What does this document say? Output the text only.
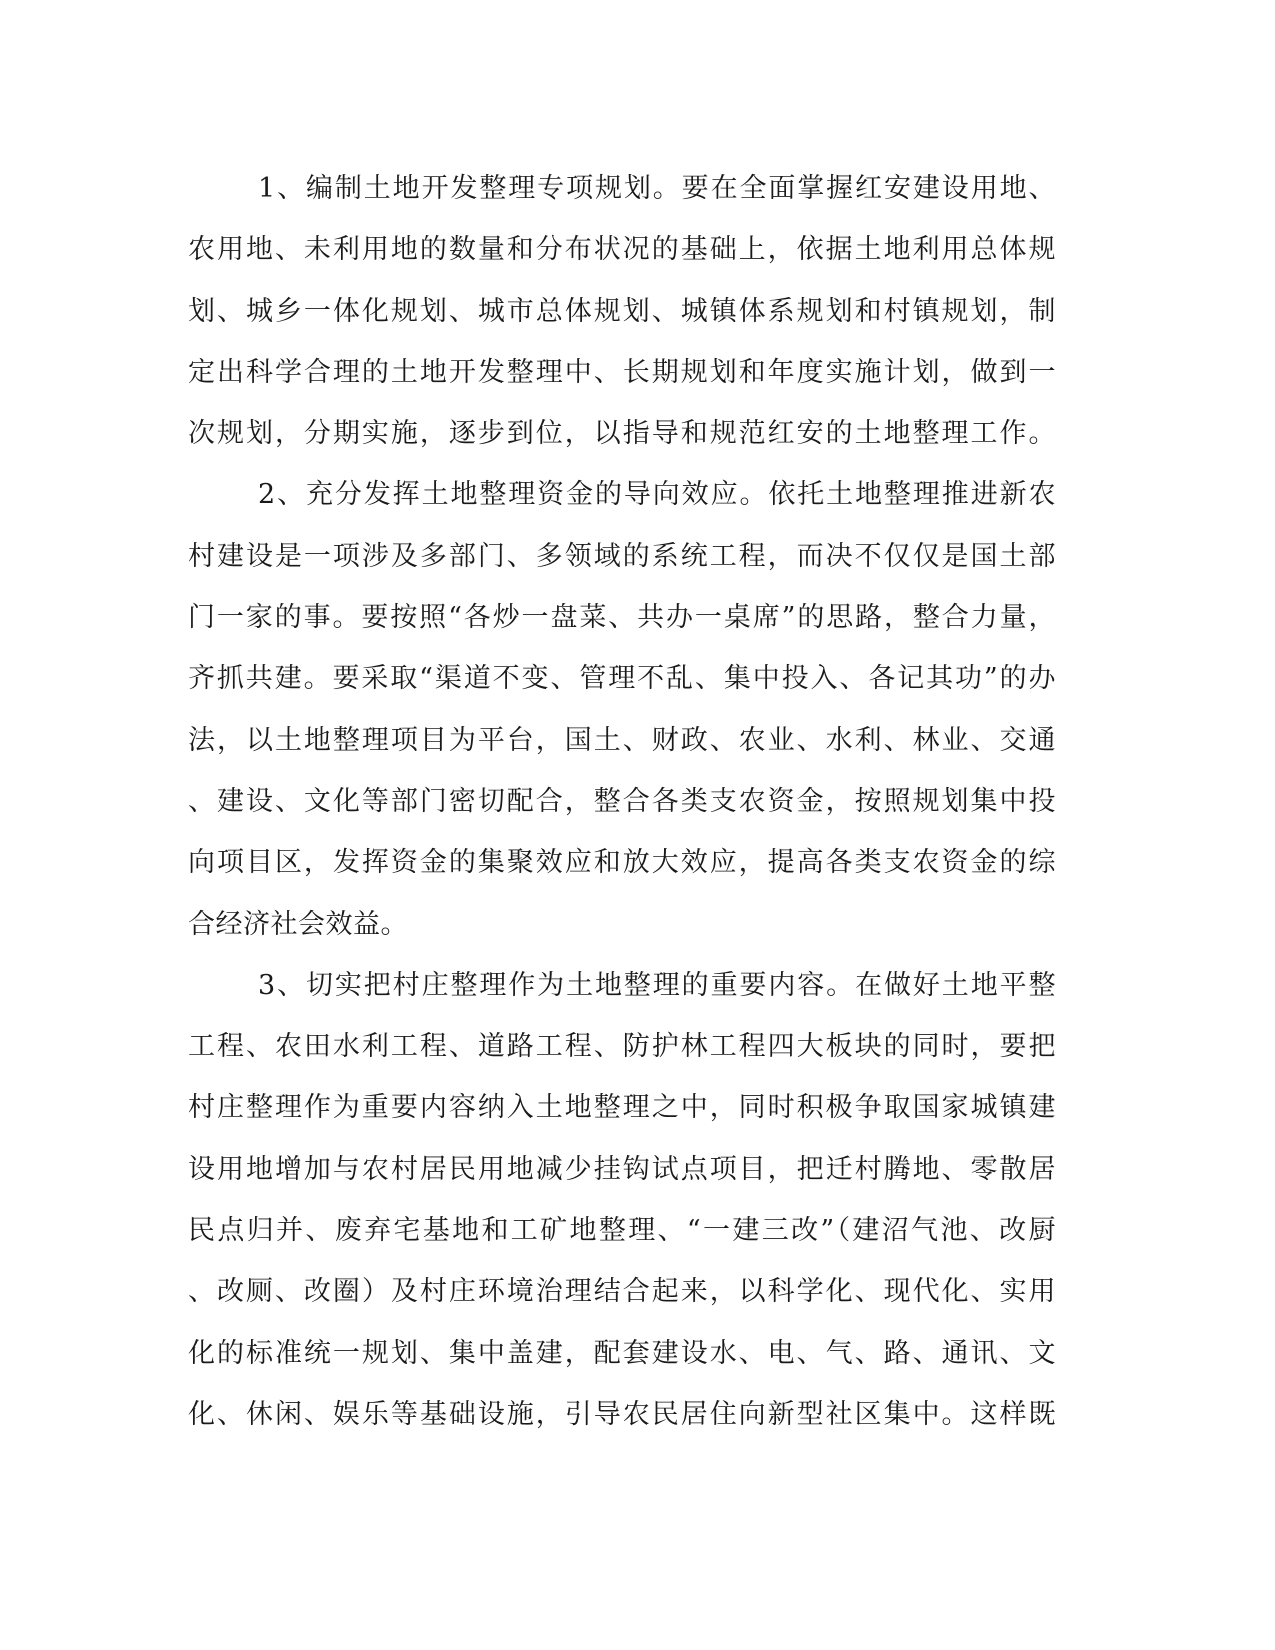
1、编制土地开发整理专项规划。要在全面掌握红安建设用地、
农用地、未利用地的数量和分布状况的基础上，依据土地利用总体规
划、城乡一体化规划、城市总体规划、城镇体系规划和村镇规划，制
定出科学合理的土地开发整理中、长期规划和年度实施计划，做到一
次规划，分期实施，逐步到位，以指导和规范红安的土地整理工作。
2、充分发挥土地整理资金的导向效应。依托土地整理推进新农
村建设是一项涉及多部门、多领域的系统工程，而决不仅仅是国土部
门一家的事。要按照“各炒一盘菜、共办一桌席”的思路，整合力量，
齐抓共建。要采取“渠道不变、管理不乱、集中投入、各记其功”的办
法，以土地整理项目为平台，国土、财政、农业、水利、林业、交通
、建设、文化等部门密切配合，整合各类支农资金，按照规划集中投
向项目区，发挥资金的集聚效应和放大效应，提高各类支农资金的综
合经济社会效益。
3、切实把村庄整理作为土地整理的重要内容。在做好土地平整
工程、农田水利工程、道路工程、防护林工程四大板块的同时，要把
村庄整理作为重要内容纳入土地整理之中，同时积极争取国家城镇建
设用地增加与农村居民用地减少挂钩试点项目，把迁村腾地、零散居
民点归并、废弃宅基地和工矿地整理、“一建三改”（建沼气池、改厨
、改厕、改圈）及村庄环境治理结合起来，以科学化、现代化、实用
化的标准统一规划、集中盖建，配套建设水、电、气、路、通讯、文
化、休闲、娱乐等基础设施，引导农民居住向新型社区集中。这样既
